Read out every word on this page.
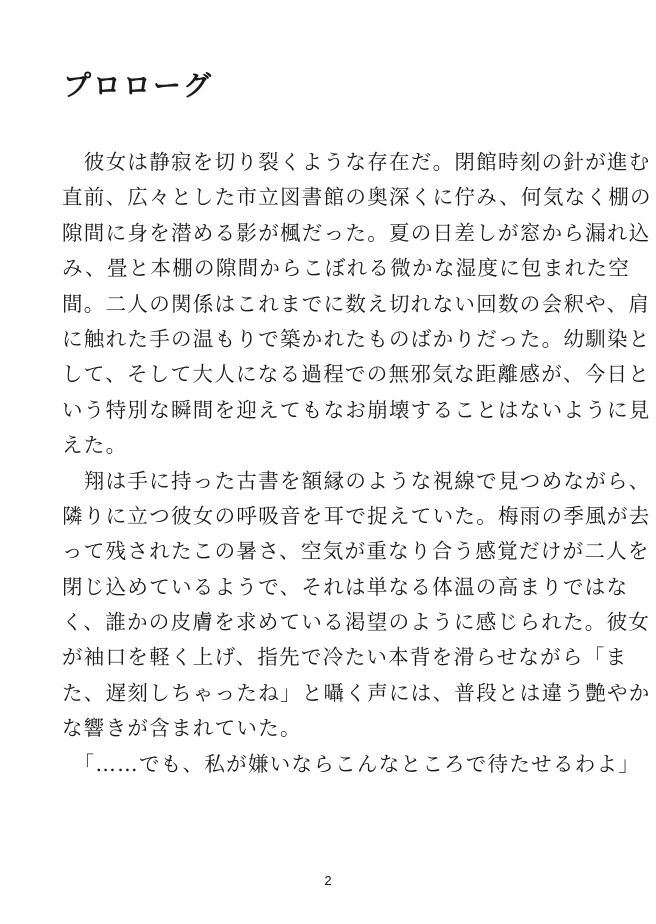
プロローグ
　彼女は静寂を切り裂くような存在だ。閉館時刻の針が進む
直前、広々とした市立図書館の奥深くに佇み、何気なく棚の
隙間に身を潜める影が楓だった。夏の日差しが窓から漏れ込
み、畳と本棚の隙間からこぼれる微かな湿度に包まれた空
間。二人の関係はこれまでに数え切れない回数の会釈や、肩
に触れた手の温もりで築かれたものばかりだった。幼馴染と
して、そして大人になる過程での無邪気な距離感が、今日と
いう特別な瞬間を迎えてもなお崩壊することはないように見
えた。
　翔は手に持った古書を額縁のような視線で見つめながら、
隣りに立つ彼女の呼吸音を耳で捉えていた。梅雨の季風が去
って残されたこの暑さ、空気が重なり合う感覚だけが二人を
閉じ込めているようで、それは単なる体温の高まりではな
く、誰かの皮膚を求めている渇望のように感じられた。彼女
が袖口を軽く上げ、指先で冷たい本背を滑らせながら「ま
た、遅刻しちゃったね」と囁く声には、普段とは違う艶やか
な響きが含まれていた。
　「……でも、私が嫌いならこんなところで待たせるわよ」
2
